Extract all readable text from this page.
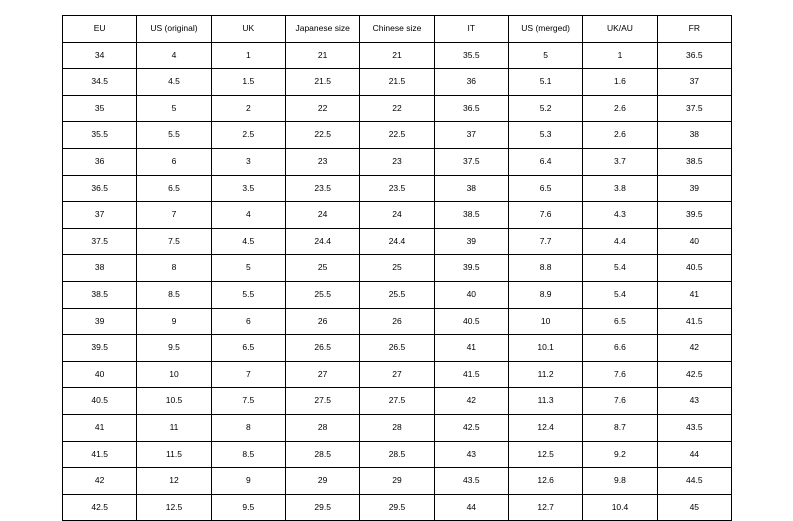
EU	US (original)	UK	Japanese size	Chinese size	IT	US (merged)	UK/AU	FR
34	4	1	21	21	35.5	5	1	36.5
34.5	4.5	1.5	21.5	21.5	36	5.1	1.6	37
35	5	2	22	22	36.5	5.2	2.6	37.5
35.5	5.5	2.5	22.5	22.5	37	5.3	2.6	38
36	6	3	23	23	37.5	6.4	3.7	38.5
36.5	6.5	3.5	23.5	23.5	38	6.5	3.8	39
37	7	4	24	24	38.5	7.6	4.3	39.5
37.5	7.5	4.5	24.4	24.4	39	7.7	4.4	40
38	8	5	25	25	39.5	8.8	5.4	40.5
38.5	8.5	5.5	25.5	25.5	40	8.9	5.4	41
39	9	6	26	26	40.5	10	6.5	41.5
39.5	9.5	6.5	26.5	26.5	41	10.1	6.6	42
40	10	7	27	27	41.5	11.2	7.6	42.5
40.5	10.5	7.5	27.5	27.5	42	11.3	7.6	43
41	11	8	28	28	42.5	12.4	8.7	43.5
41.5	11.5	8.5	28.5	28.5	43	12.5	9.2	44
42	12	9	29	29	43.5	12.6	9.8	44.5
42.5	12.5	9.5	29.5	29.5	44	12.7	10.4	45
